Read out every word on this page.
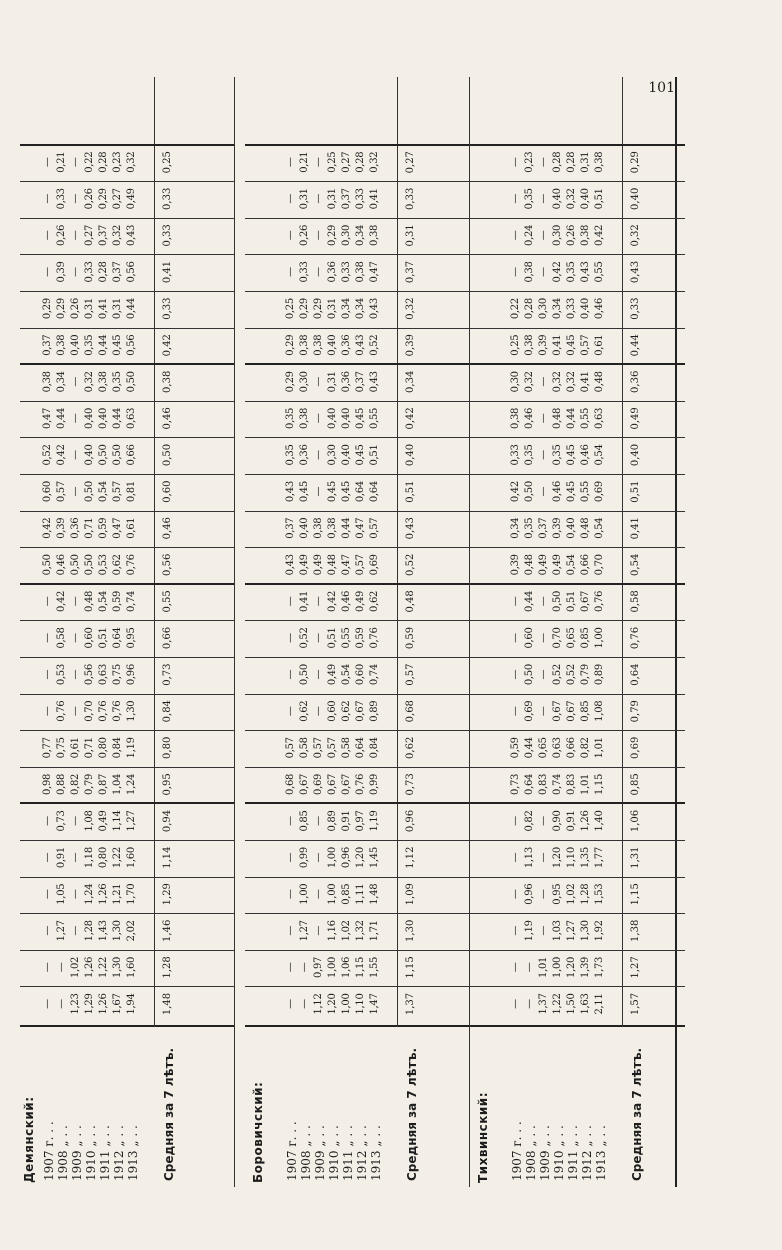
101
Демянский: 1907 г. . . 1908 „ . . 1909 „ . . 1910 „ . . 1911 „ . . 1912 „ . . 1913 „ . . Средняя за 7 лѣтъ.
— — 1,23 1,29 1,26 1,67 1,94	1,48
— — 1,02 1,26 1,22 1,30 1,60	1,28
— 1,27 — 1,28 1,43 1,30 2,02	1,46
— 1,05 — 1,24 1,26 1,21 1,70	1,29
— 0,91 — 1,18 0,80 1,22 1,60	1,14
— 0,73 — 1,08 0,49 1,14 1,27	0,94
0,98 0,88 0,82 0,79 0,87 1,04 1,24	0,95
0,77 0,75 0,61 0,71 0,80 0,84 1,19	0,80
— 0,76 — 0,70 0,76 0,76 1,30	0,84
— 0,53 — 0,56 0,63 0,75 0,96	0,73
— 0,58 — 0,60 0,51 0,64 0,95	0,66
— 0,42 — 0,48 0,54 0,59 0,74	0,55
0,50 0,46 0,50 0,50 0,53 0,62 0,76	0,56
0,42 0,39 0,36 0,71 0,59 0,47 0,61	0,46
0,60 0,57 — 0,50 0,54 0,57 0,81	0,60
0,52 0,42 — 0,40 0,50 0,50 0,66	0,50
0,47 0,44 — 0,40 0,40 0,44 0,63	0,46
0,38 0,34 — 0,32 0,38 0,35 0,50	0,38
0,37 0,38 0,40 0,35 0,44 0,45 0,56	0,42
0,29 0,29 0,26 0,31 0,41 0,31 0,44	0,33
— 0,39 — 0,33 0,28 0,37 0,56	0,41
— 0,26 — 0,27 0,37 0,32 0,43	0,33
— 0,33 — 0,26 0,29 0,27 0,49	0,33
— 0,21 — 0,22 0,28 0,23 0,32	0,25
Боровичский: 1907 г. . . 1908 „ . . 1909 „ . . 1910 „ . . 1911 „ . . 1912 „ . . 1913 „ . . Средняя за 7 лѣтъ.
— — 1,12 1,20 1,00 1,10 1,47	1,37
— — 0,97 1,00 1,06 1,15 1,55	1,15
— 1,27 — 1,16 1,02 1,32 1,71	1,30
— 1,00 — 1,00 0,85 1,11 1,48	1,09
— 0,99 — 1,00 0,96 1,20 1,45	1,12
— 0,85 — 0,89 0,91 0,97 1,19	0,96
0,68 0,67 0,69 0,67 0,67 0,76 0,99	0,73
0,57 0,58 0,57 0,57 0,58 0,64 0,84	0,62
— 0,62 — 0,60 0,62 0,67 0,89	0,68
— 0,50 — 0,49 0,54 0,60 0,74	0,57
— 0,52 — 0,51 0,55 0,59 0,76	0,59
— 0,41 — 0,42 0,46 0,49 0,62	0,48
0,43 0,49 0,49 0,48 0,47 0,57 0,69	0,52
0,37 0,40 0,38 0,38 0,44 0,47 0,57	0,43
0,43 0,45 — 0,45 0,45 0,64 0,64	0,51
0,35 0,36 — 0,30 0,40 0,45 0,51	0,40
0,35 0,38 — 0,40 0,40 0,45 0,55	0,42
0,29 0,30 — 0,31 0,36 0,37 0,43	0,34
0,29 0,38 0,38 0,40 0,36 0,43 0,52	0,39
0,25 0,29 0,29 0,31 0,34 0,34 0,43	0,32
— 0,33 — 0,36 0,33 0,38 0,47	0,37
— 0,26 — 0,29 0,30 0,34 0,38	0,31
— 0,31 — 0,31 0,37 0,33 0,41	0,33
— 0,21 — 0,25 0,27 0,28 0,32	0,27
Тихвинский: 1907 г. . . 1908 „ . . 1909 „ . . 1910 „ . . 1911 „ . . 1912 „ . . 1913 „ . . Средняя за 7 лѣтъ.
— — 1,37 1,22 1,50 1,63 2,11	1,57
— — 1,01 1,00 1,20 1,39 1,73	1,27
— 1,19 — 1,03 1,27 1,30 1,92	1,38
— 0,96 — 0,95 1,02 1,28 1,53	1,15
— 1,13 — 1,20 1,10 1,35 1,77	1,31
— 0,82 — 0,90 0,91 1,26 1,40	1,06
0,73 0,64 0,83 0,74 0,83 1,01 1,15	0,85
0,59 0,44 0,65 0,63 0,66 0,82 1,01	0,69
— 0,69 — 0,67 0,67 0,85 1,08	0,79
— 0,50 — 0,52 0,52 0,79 0,89	0,64
— 0,60 — 0,70 0,65 0,85 1,00	0,76
— 0,44 — 0,50 0,51 0,67 0,76	0,58
0,39 0,48 0,49 0,49 0,54 0,66 0,70	0,54
0,34 0,35 0,37 0,39 0,40 0,48 0,54	0,41
0,42 0,50 — 0,46 0,45 0,55 0,69	0,51
0,33 0,35 — 0,35 0,45 0,46 0,54	0,40
0,38 0,46 — 0,48 0,44 0,55 0,63	0,49
0,30 0,32 — 0,32 0,32 0,41 0,48	0,36
0,25 0,38 0,39 0,41 0,45 0,57 0,61	0,44
0,22 0,28 0,30 0,34 0,33 0,40 0,46	0,33
— 0,38 — 0,42 0,35 0,43 0,55	0,43
— 0,24 — 0,30 0,26 0,38 0,42	0,32
— 0,35 — 0,40 0,32 0,40 0,51	0,40
— 0,23 — 0,28 0,28 0,31 0,38	0,29
